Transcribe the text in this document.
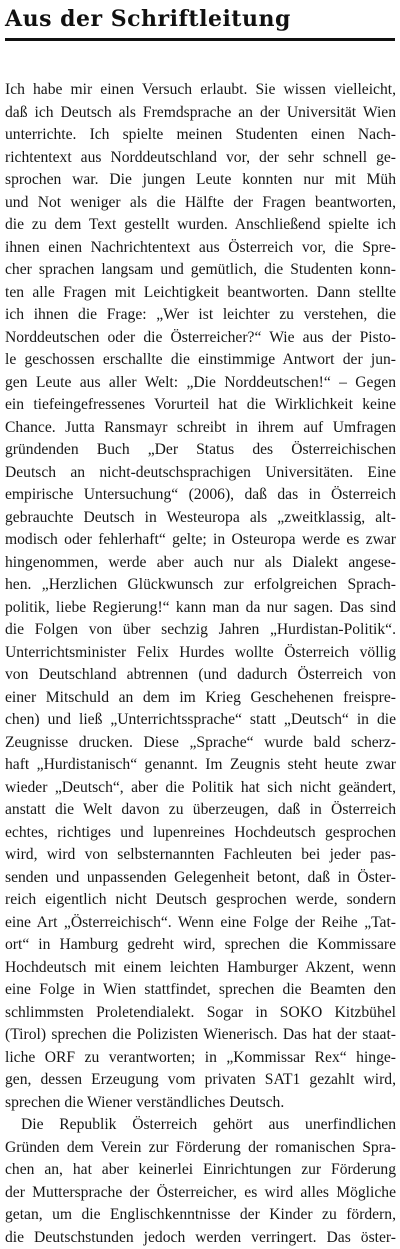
Aus der Schriftleitung

Ich habe mir einen Versuch erlaubt. Sie wissen vielleicht,
daß ich Deutsch als Fremdsprache an der Universität Wien
unterrichte. Ich spielte meinen Studenten einen Nach-
richtentext aus Norddeutschland vor, der sehr schnell ge-
sprochen war. Die jungen Leute konnten nur mit Müh
und Not weniger als die Hälfte der Fragen beantworten,
die zu dem Text gestellt wurden. Anschließend spielte ich
ihnen einen Nachrichtentext aus Österreich vor, die Spre-
cher sprachen langsam und gemütlich, die Studenten konn-
ten alle Fragen mit Leichtigkeit beantworten. Dann stellte
ich ihnen die Frage: „Wer ist leichter zu verstehen, die
Norddeutschen oder die Österreicher?“ Wie aus der Pisto-
le geschossen erschallte die einstimmige Antwort der jun-
gen Leute aus aller Welt: „Die Norddeutschen!“ – Gegen
ein tiefeingefressenes Vorurteil hat die Wirklichkeit keine
Chance. Jutta Ransmayr schreibt in ihrem auf Umfragen
gründenden Buch „Der Status des Österreichischen
Deutsch an nicht-deutschsprachigen Universitäten. Eine
empirische Untersuchung“ (2006), daß das in Österreich
gebrauchte Deutsch in Westeuropa als „zweitklassig, alt-
modisch oder fehlerhaft“ gelte; in Osteuropa werde es zwar
hingenommen, werde aber auch nur als Dialekt angese-
hen. „Herzlichen Glückwunsch zur erfolgreichen Sprach-
politik, liebe Regierung!“ kann man da nur sagen. Das sind
die Folgen von über sechzig Jahren „Hurdistan-Politik“.
Unterrichtsminister Felix Hurdes wollte Österreich völlig
von Deutschland abtrennen (und dadurch Österreich von
einer Mitschuld an dem im Krieg Geschehenen freispre-
chen) und ließ „Unterrichtssprache“ statt „Deutsch“ in die
Zeugnisse drucken. Diese „Sprache“ wurde bald scherz-
haft „Hurdistanisch“ genannt. Im Zeugnis steht heute zwar
wieder „Deutsch“, aber die Politik hat sich nicht geändert,
anstatt die Welt davon zu überzeugen, daß in Österreich
echtes, richtiges und lupenreines Hochdeutsch gesprochen
wird, wird von selbsternannten Fachleuten bei jeder pas-
senden und unpassenden Gelegenheit betont, daß in Öster-
reich eigentlich nicht Deutsch gesprochen werde, sondern
eine Art „Österreichisch“. Wenn eine Folge der Reihe „Tat-
ort“ in Hamburg gedreht wird, sprechen die Kommissare
Hochdeutsch mit einem leichten Hamburger Akzent, wenn
eine Folge in Wien stattfindet, sprechen die Beamten den
schlimmsten Proletendialekt. Sogar in SOKO Kitzbühel
(Tirol) sprechen die Polizisten Wienerisch. Das hat der staat-
liche ORF zu verantworten; in „Kommissar Rex“ hinge-
gen, dessen Erzeugung vom privaten SAT1 gezahlt wird,
sprechen die Wiener verständliches Deutsch.

Die Republik Österreich gehört aus unerfindlichen
Gründen dem Verein zur Förderung der romanischen Spra-
chen an, hat aber keinerlei Einrichtungen zur Förderung
der Muttersprache der Österreicher, es wird alles Mögliche
getan, um die Englischkenntnisse der Kinder zu fördern,
die Deutschstunden jedoch werden verringert. Das öster-
